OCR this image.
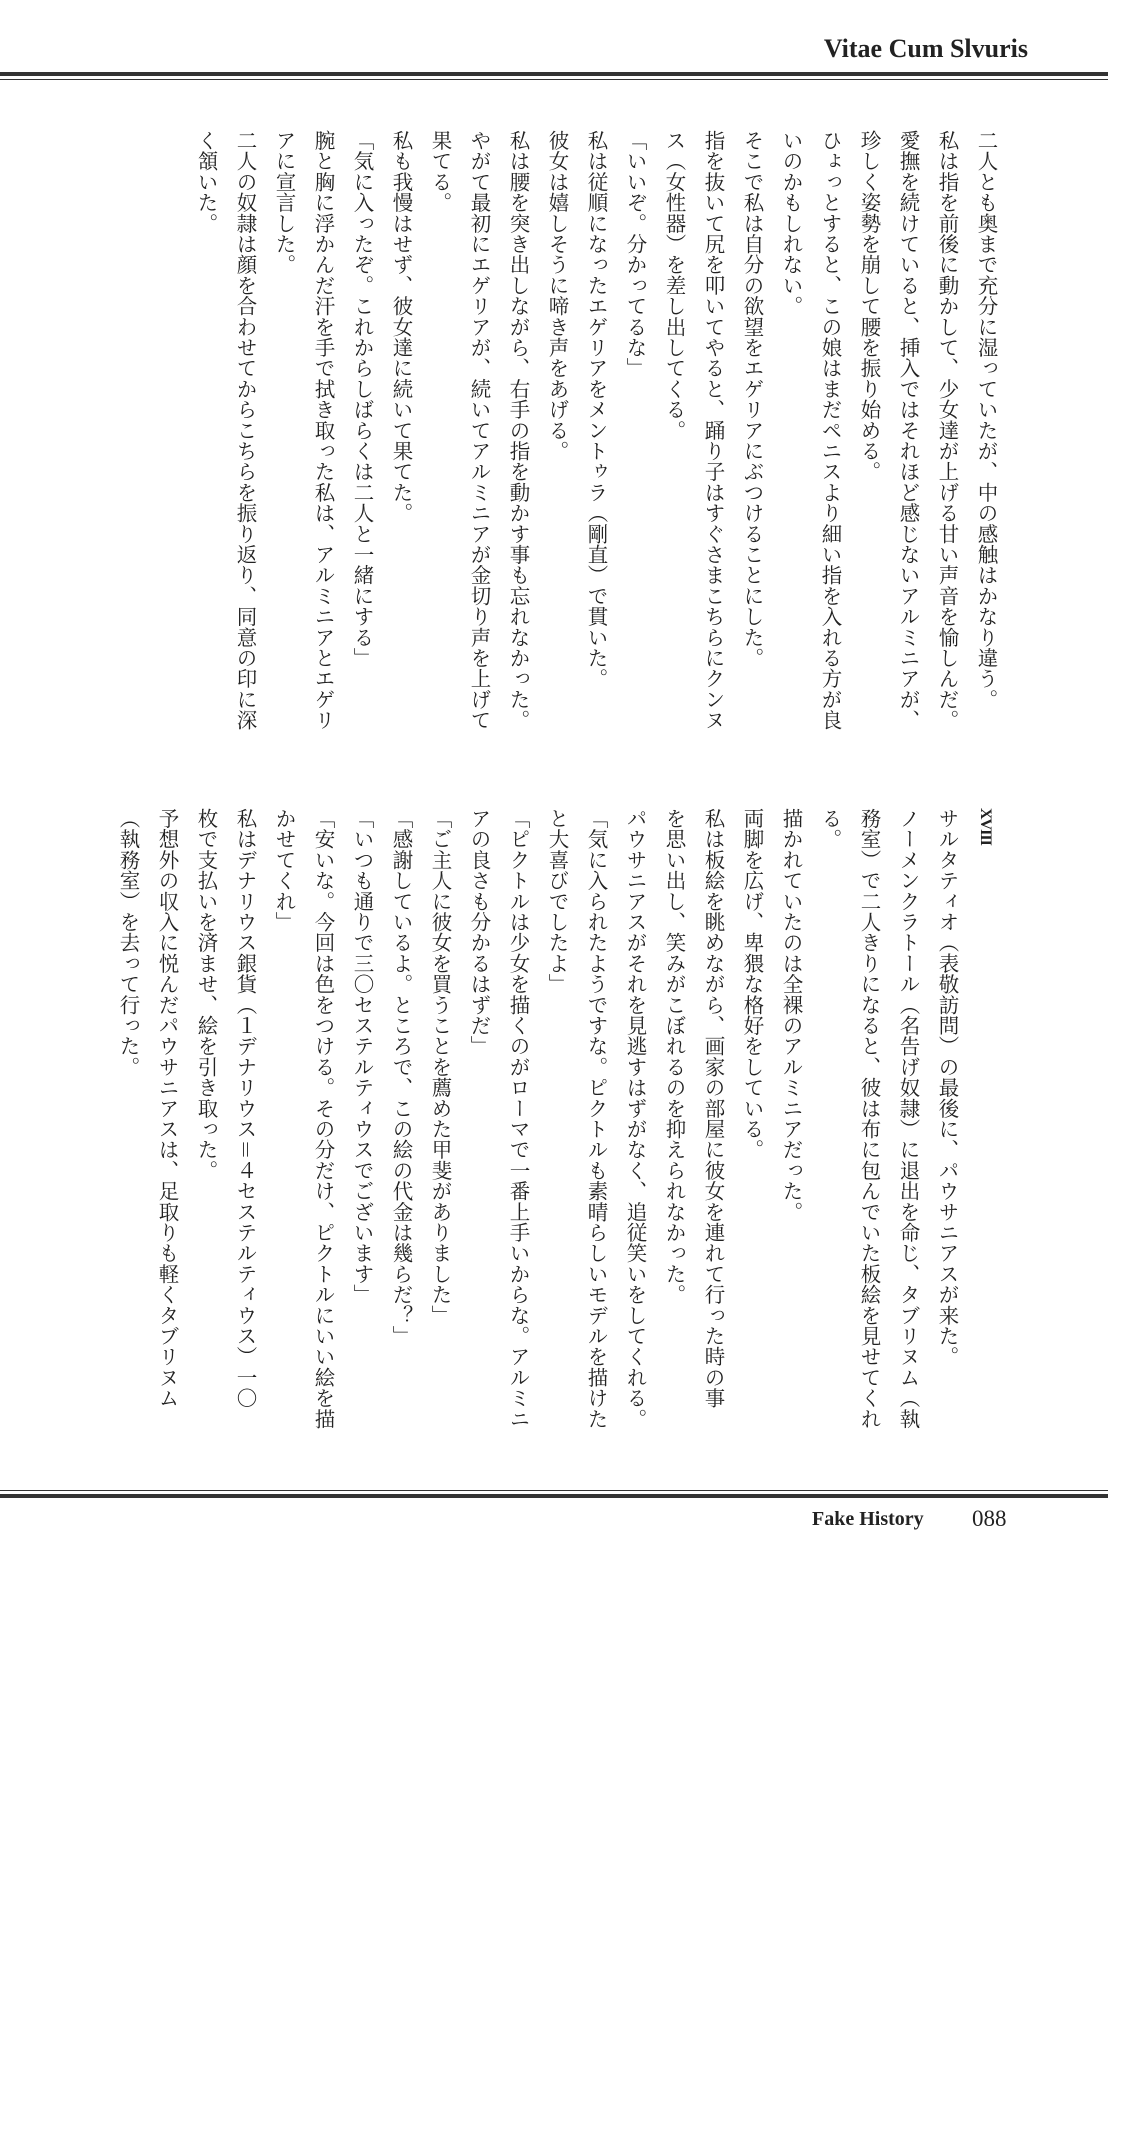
Vitae Cum Slvuris
二人とも奥まで充分に湿っていたが、中の感触はかなり違う。
私は指を前後に動かして、少女達が上げる甘い声音を愉しんだ。
愛撫を続けていると、挿入ではそれほど感じないアルミニアが、
珍しく姿勢を崩して腰を振り始める。
ひょっとすると、この娘はまだペニスより細い指を入れる方が良
いのかもしれない。
そこで私は自分の欲望をエゲリアにぶつけることにした。
指を抜いて尻を叩いてやると、踊り子はすぐさまこちらにクンヌ
ス（女性器）を差し出してくる。
「いいぞ。分かってるな」
私は従順になったエゲリアをメントゥラ（剛直）で貫いた。
彼女は嬉しそうに啼き声をあげる。
私は腰を突き出しながら、右手の指を動かす事も忘れなかった。
やがて最初にエゲリアが、続いてアルミニアが金切り声を上げて
果てる。
私も我慢はせず、彼女達に続いて果てた。
「気に入ったぞ。これからしばらくは二人と一緒にする」
腕と胸に浮かんだ汗を手で拭き取った私は、アルミニアとエゲリ
アに宣言した。
二人の奴隷は顔を合わせてからこちらを振り返り、同意の印に深
く頷いた。
XVIII
サルタティオ（表敬訪問）の最後に、パウサニアスが来た。
ノーメンクラトール（名告げ奴隷）に退出を命じ、タブリヌム（執
務室）で二人きりになると、彼は布に包んでいた板絵を見せてくれ
る。
描かれていたのは全裸のアルミニアだった。
両脚を広げ、卑猥な格好をしている。
私は板絵を眺めながら、画家の部屋に彼女を連れて行った時の事
を思い出し、笑みがこぼれるのを抑えられなかった。
パウサニアスがそれを見逃すはずがなく、追従笑いをしてくれる。
「気に入られたようですな。ピクトルも素晴らしいモデルを描けた
と大喜びでしたよ」
「ピクトルは少女を描くのがローマで一番上手いからな。アルミニ
アの良さも分かるはずだ」
「ご主人に彼女を買うことを薦めた甲斐がありました」
「感謝しているよ。ところで、この絵の代金は幾らだ？」
「いつも通りで三〇セステルティウスでございます」
「安いな。今回は色をつける。その分だけ、ピクトルにいい絵を描
かせてくれ」
私はデナリウス銀貨（１デナリウス＝４セステルティウス）一〇
枚で支払いを済ませ、絵を引き取った。
予想外の収入に悦んだパウサニアスは、足取りも軽くタブリヌム
（執務室）を去って行った。
Fake History 088
